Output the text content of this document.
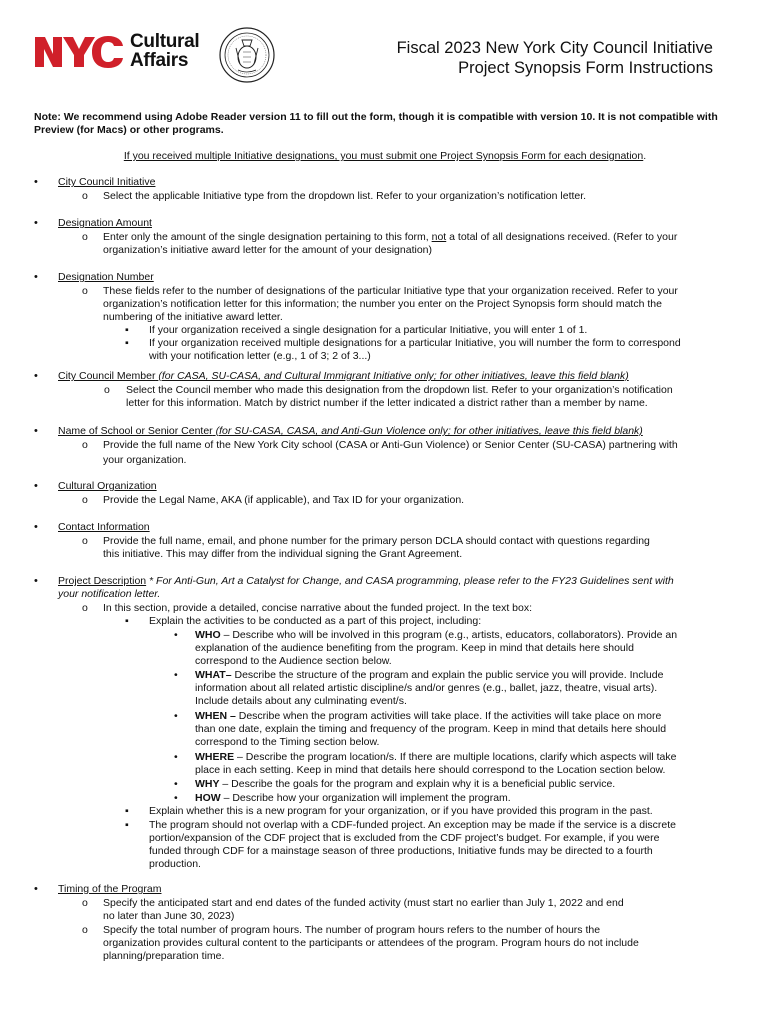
Cultural
Affairs
Fiscal 2023 New York City Council Initiative
Project Synopsis Form Instructions
Note: We recommend using Adobe Reader version 11 to fill out the form, though it is compatible with version 10. It is not compatible with Preview (for Macs) or other programs.
If you received multiple Initiative designations, you must submit one Project Synopsis Form for each designation.
•
City Council Initiative
o Select the applicable Initiative type from the dropdown list. Refer to your organization’s notification letter.
•
Designation Amount
o Enter only the amount of the single designation pertaining to this form, not a total of all designations received. (Refer to your
organization’s initiative award letter for the amount of your designation)
•
Designation Number
o These fields refer to the number of designations of the particular Initiative type that your organization received. Refer to your
organization’s notification letter for this information; the number you enter on the Project Synopsis form should match the
numbering of the initiative award letter.
▪ If your organization received a single designation for a particular Initiative, you will enter 1 of 1.
▪ If your organization received multiple designations for a particular Initiative, you will number the form to correspond
with your notification letter (e.g., 1 of 3; 2 of 3...)
•
City Council Member (for CASA, SU-CASA, and Cultural Immigrant Initiative only; for other initiatives, leave this field blank)
o Select the Council member who made this designation from the dropdown list. Refer to your organization’s notification
letter for this information. Match by district number if the letter indicated a district rather than a member by name.
•
Name of School or Senior Center (for SU-CASA, CASA, and Anti-Gun Violence only; for other initiatives, leave this field blank)
o Provide the full name of the New York City school (CASA or Anti-Gun Violence) or Senior Center (SU-CASA) partnering with
your organization.
•
Cultural Organization
o Provide the Legal Name, AKA (if applicable), and Tax ID for your organization.
•
Contact Information
o Provide the full name, email, and phone number for the primary person DCLA should contact with questions regarding
this initiative. This may differ from the individual signing the Grant Agreement.
•
Project Description * For Anti-Gun, Art a Catalyst for Change, and CASA programming, please refer to the FY23 Guidelines sent with
your notification letter.
o In this section, provide a detailed, concise narrative about the funded project. In the text box:
▪ Explain the activities to be conducted as a part of this project, including:
• WHO – Describe who will be involved in this program (e.g., artists, educators, collaborators). Provide an
explanation of the audience benefiting from the program. Keep in mind that details here should
correspond to the Audience section below.
• WHAT– Describe the structure of the program and explain the public service you will provide. Include
information about all related artistic discipline/s and/or genres (e.g., ballet, jazz, theatre, visual arts).
Include details about any culminating event/s.
• WHEN – Describe when the program activities will take place. If the activities will take place on more
than one date, explain the timing and frequency of the program. Keep in mind that details here should
correspond to the Timing section below.
• WHERE – Describe the program location/s. If there are multiple locations, clarify which aspects will take
place in each setting. Keep in mind that details here should correspond to the Location section below.
• WHY – Describe the goals for the program and explain why it is a beneficial public service.
• HOW – Describe how your organization will implement the program.
▪ Explain whether this is a new program for your organization, or if you have provided this program in the past.
▪ The program should not overlap with a CDF-funded project. An exception may be made if the service is a discrete
portion/expansion of the CDF project that is excluded from the CDF project’s budget. For example, if you were
funded through CDF for a mainstage season of three productions, Initiative funds may be directed to a fourth
production.
•
Timing of the Program
o Specify the anticipated start and end dates of the funded activity (must start no earlier than July 1, 2022 and end
no later than June 30, 2023)
o Specify the total number of program hours. The number of program hours refers to the number of hours the
organization provides cultural content to the participants or attendees of the program. Program hours do not include
planning/preparation time.
